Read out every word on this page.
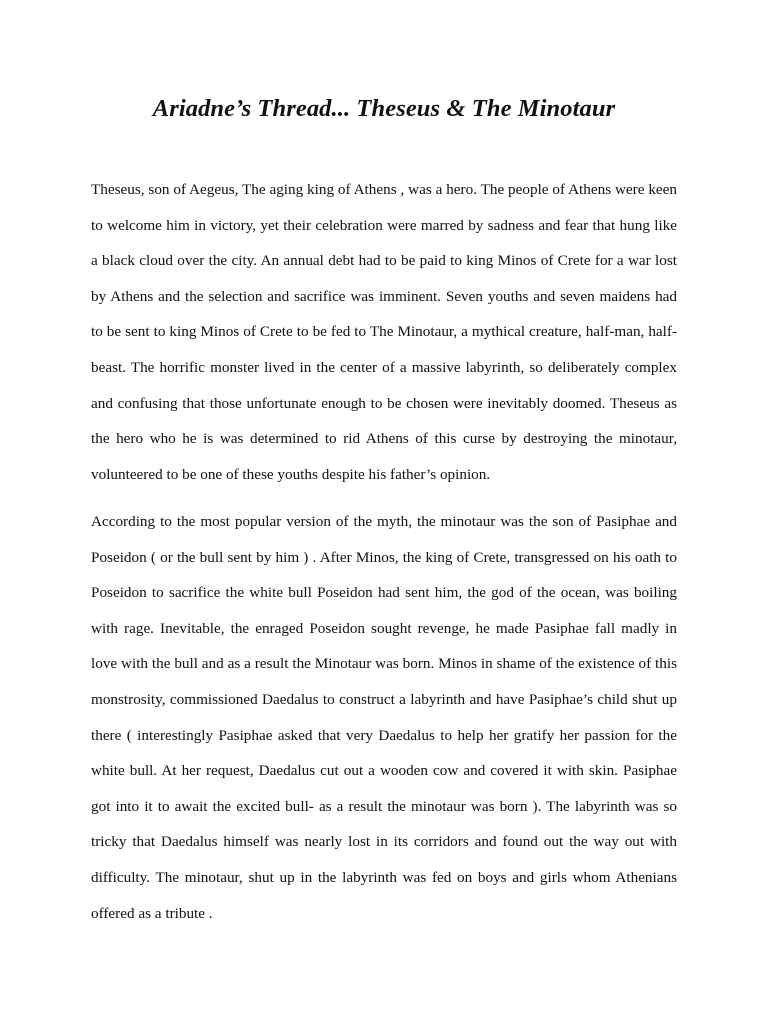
Ariadne’s Thread... Theseus & The Minotaur

Theseus, son of Aegeus, The aging king of Athens , was a hero. The people of Athens were keen to welcome him in victory, yet their celebration were marred by sadness and fear that hung like a black cloud over the city. An annual debt had to be paid to king Minos of Crete for a war lost by Athens and the selection and sacrifice was imminent. Seven youths and seven maidens had to be sent to king Minos of Crete to be fed to The Minotaur, a mythical creature, half-man, half-beast. The horrific monster lived in the center of a massive labyrinth, so deliberately complex and confusing that those unfortunate enough to be chosen were inevitably doomed. Theseus as the hero who he is was determined to rid Athens of this curse by destroying the minotaur, volunteered to be one of these youths despite his father’s opinion.

According to the most popular version of the myth, the minotaur was the son of Pasiphae and Poseidon ( or the bull sent by him ) . After Minos, the king of Crete, transgressed on his oath to Poseidon to sacrifice the white bull Poseidon had sent him, the god of the ocean, was boiling with rage. Inevitable, the enraged Poseidon sought revenge, he made Pasiphae fall madly in love with the bull and as a result the Minotaur was born. Minos in shame of the existence of this monstrosity, commissioned Daedalus to construct a labyrinth and have Pasiphae’s child shut up there ( interestingly Pasiphae asked that very Daedalus to help her gratify her passion for the white bull. At her request, Daedalus cut out a wooden cow and covered it with skin. Pasiphae got into it to await the excited bull- as a result the minotaur was born ). The labyrinth was so tricky that Daedalus himself was nearly lost in its corridors and found out the way out with difficulty. The minotaur, shut up in the labyrinth was fed on boys and girls whom Athenians offered as a tribute .
